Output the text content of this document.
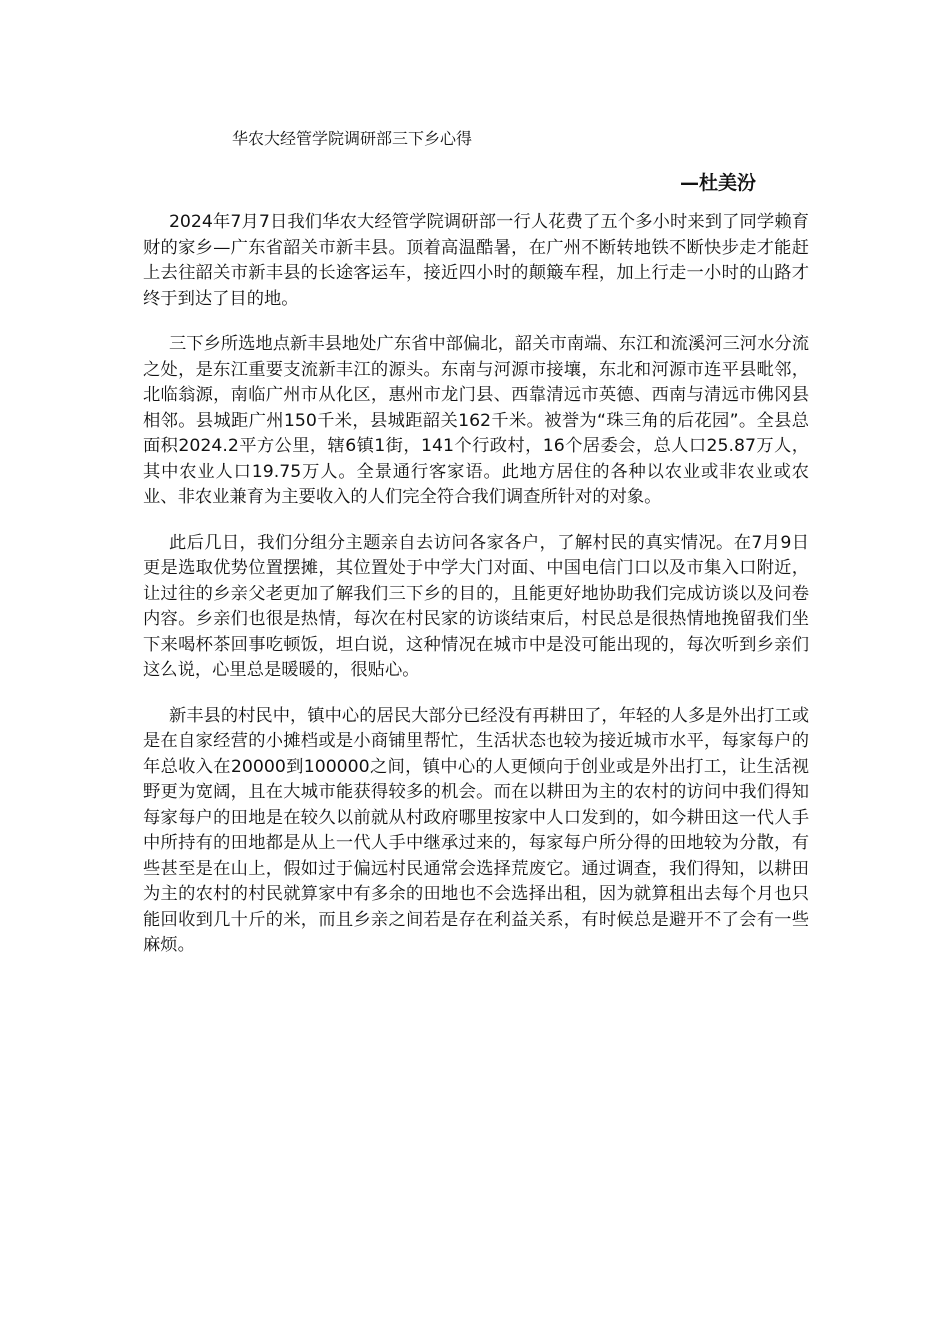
华农大经管学院调研部三下乡心得
—杜美汾

2024年7月7日我们华农大经管学院调研部一行人花费了五个多小时来到了同学赖育财的家乡—广东省韶关市新丰县。顶着高温酷暑，在广州不断转地铁不断快步走才能赶上去往韶关市新丰县的长途客运车，接近四小时的颠簸车程，加上行走一小时的山路才终于到达了目的地。

三下乡所选地点新丰县地处广东省中部偏北，韶关市南端、东江和流溪河三河水分流之处，是东江重要支流新丰江的源头。东南与河源市接壤，东北和河源市连平县毗邻，北临翁源，南临广州市从化区，惠州市龙门县、西靠清远市英德、西南与清远市佛冈县相邻。县城距广州150千米，县城距韶关162千米。被誉为“珠三角的后花园”。全县总面积2024.2平方公里，辖6镇1街，141个行政村，16个居委会，总人口25.87万人，其中农业人口19.75万人。全景通行客家语。此地方居住的各种以农业或非农业或农业、非农业兼育为主要收入的人们完全符合我们调查所针对的对象。

此后几日，我们分组分主题亲自去访问各家各户，了解村民的真实情况。在7月9日更是选取优势位置摆摊，其位置处于中学大门对面、中国电信门口以及市集入口附近，让过往的乡亲父老更加了解我们三下乡的目的，且能更好地协助我们完成访谈以及问卷内容。乡亲们也很是热情，每次在村民家的访谈结束后，村民总是很热情地挽留我们坐下来喝杯茶回事吃顿饭，坦白说，这种情况在城市中是没可能出现的，每次听到乡亲们这么说，心里总是暖暖的，很贴心。

新丰县的村民中，镇中心的居民大部分已经没有再耕田了，年轻的人多是外出打工或是在自家经营的小摊档或是小商铺里帮忙，生活状态也较为接近城市水平，每家每户的年总收入在20000到100000之间，镇中心的人更倾向于创业或是外出打工，让生活视野更为宽阔，且在大城市能获得较多的机会。而在以耕田为主的农村的访问中我们得知每家每户的田地是在较久以前就从村政府哪里按家中人口发到的，如今耕田这一代人手中所持有的田地都是从上一代人手中继承过来的，每家每户所分得的田地较为分散，有些甚至是在山上，假如过于偏远村民通常会选择荒废它。通过调查，我们得知，以耕田为主的农村的村民就算家中有多余的田地也不会选择出租，因为就算租出去每个月也只能回收到几十斤的米，而且乡亲之间若是存在利益关系，有时候总是避开不了会有一些麻烦。
